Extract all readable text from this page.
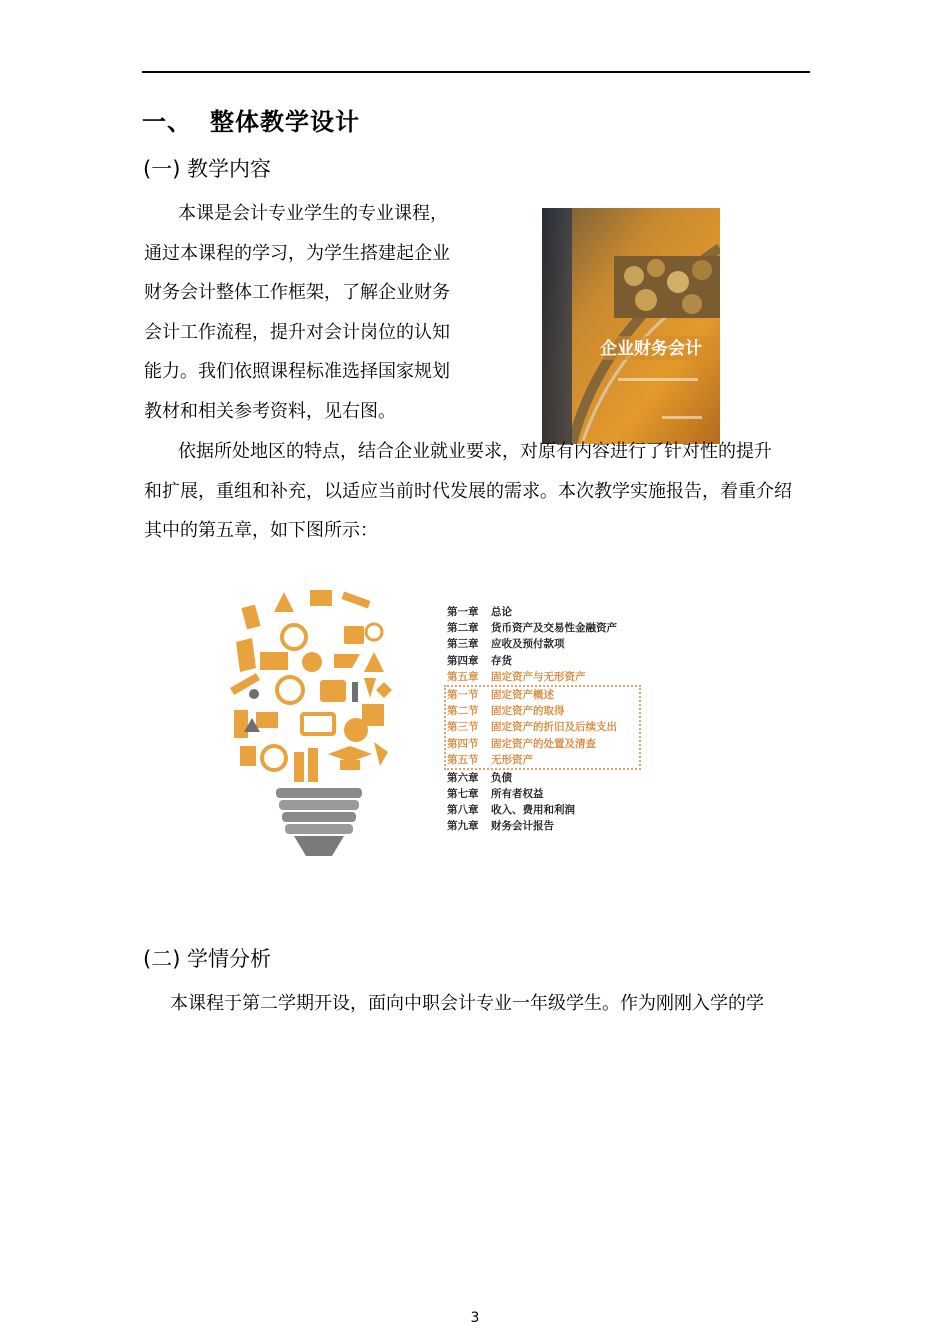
一、 整体教学设计
(一) 教学内容
本课是会计专业学生的专业课程，
通过本课程的学习，为学生搭建起企业
财务会计整体工作框架，了解企业财务
会计工作流程，提升对会计岗位的认知
能力。我们依照课程标准选择国家规划
教材和相关参考资料，见右图。
企业财务会计
依据所处地区的特点，结合企业就业要求，对原有内容进行了针对性的提升
和扩展，重组和补充，以适应当前时代发展的需求。本次教学实施报告，着重介绍
其中的第五章，如下图所示：
第一章 总论
第二章 货币资产及交易性金融资产
第三章 应收及预付款项
第四章 存货
第五章 固定资产与无形资产
第一节 固定资产概述
第二节 固定资产的取得
第三节 固定资产的折旧及后续支出
第四节 固定资产的处置及清查
第五节 无形资产
第六章 负债
第七章 所有者权益
第八章 收入、费用和利润
第九章 财务会计报告
(二) 学情分析
本课程于第二学期开设，面向中职会计专业一年级学生。作为刚刚入学的学
3
